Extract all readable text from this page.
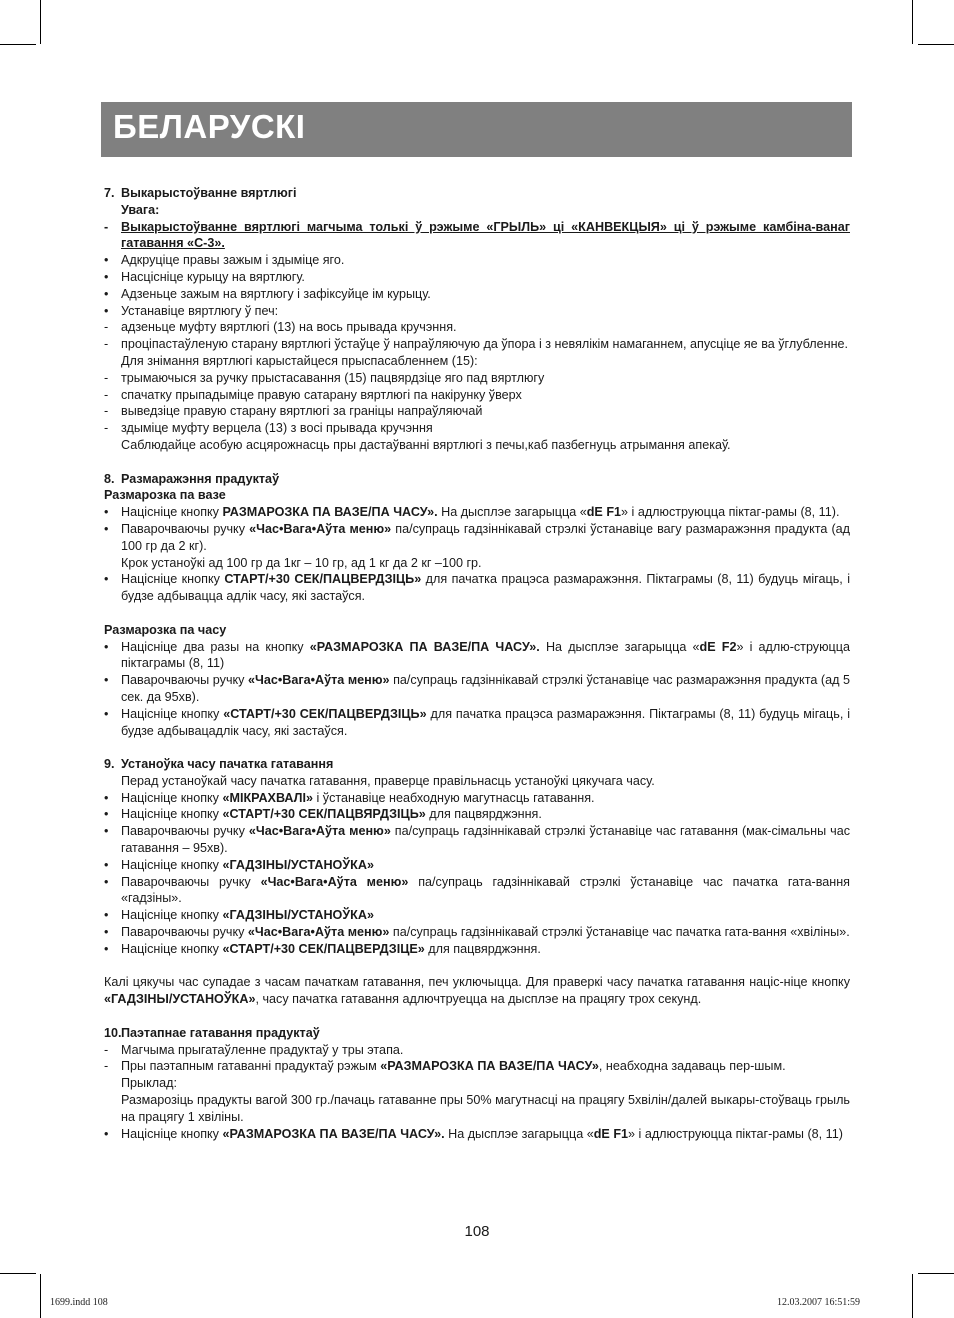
БЕЛАРУСКІ
7. Выкарыстоўванне вяртлюгі
Увага:
- Выкарыстоўванне вяртлюгі магчыма толькі ў рэжыме «ГРЫЛЬ» ці «КАНВЕКЦЫЯ» ці ў рэжыме камбіна-ванаг гатавання «С-3».
• Адкруціце правы зажым і здыміце яго.
• Насцісніце курыцу на вяртлюгу.
• Адзеньце зажым на вяртлюгу і зафіксуйце ім курыцу.
• Устанавіце вяртлюгу ў печ:
- адзеньце муфту вяртлюгі (13) на вось прывада кручэння.
- процiпастаўленую старану вяртлюгі ўстаўце ў напраўляючую да ўпора і з невялікім намаганнем, апусціце яе ва ўглубленне.
Для знімання вяртлюгі карыстайцеся прыспасабленнем (15):
- трымаючыся за ручку прыстасавання (15) пацвярдзіце яго пад вяртлюгу
- спачатку прыпадыміце правую сатарану вяртлюгі па накірунку ўверх
- выведзіце правую старану вяртлюгі за граніцы напраўляючай
- здыміце муфту верцела (13) з восі прывада кручэння
Саблюдайце асобую асцярожнасць пры дастаўванні вяртлюгі з печы,каб пазбегнуць атрымання апекаў.
8. Размаражэння прадуктаў
Размарозка па вазе
• Націсніце кнопку РАЗМАРОЗКА ПА ВАЗЕ/ПА ЧАСУ». На дысплэе загарыцца «dE F1» і адлюструюцца піктаг-рамы (8, 11).
• Паварочваючы ручку «Час•Вага•Аўта меню» па/супраць гадзіннікавай стрэлкі ўстанавіце вагу размаражэння прадукта (ад 100 гр да 2 кг).
Крок устаноўкі ад 100 гр да 1кг – 10 гр, ад 1 кг да 2 кг –100 гр.
• Націсніце кнопку СТАРТ/+30 СЕК/ПАЦВЕРДЗІЦЬ» для пачатка працэса размаражэння. Піктаграмы (8, 11) будуць мігаць, і будзе адбывацца адлік часу, які застаўся.
Размарозка па часу
• Націсніце два разы на кнопку «РАЗМАРОЗКА ПА ВАЗЕ/ПА ЧАСУ». На дысплэе загарыцца «dE F2» і адлю-струюцца піктаграмы (8, 11)
• Паварочваючы ручку «Час•Вага•Аўта меню» па/супраць гадзіннікавай стрэлкі ўстанавіце час размаражэння прадукта (ад 5 сек. да 95хв).
• Націсніце кнопку «СТАРТ/+30 СЕК/ПАЦВЕРДЗІЦЬ» для пачатка працэса размаражэння. Піктаграмы (8, 11) будуць мігаць, і будзе адбывацадлік часу, які застаўся.
9. Устаноўка часу пачатка гатавання
Перад устаноўкай часу пачатка гатавання, праверце правільнасць устаноўкі цякучага часу.
• Націсніце кнопку «МІКРАХВАЛІ» і ўстанавіце неабходную магутнасць гатавання.
• Націсніце кнопку «СТАРТ/+30 СЕК/ПАЦВЯРДЗІЦЬ» для пацвярджэння.
• Паварочваючы ручку «Час•Вага•Аўта меню» па/супраць гадзіннікавай стрэлкі ўстанавіце час гатавання (мак-сімальны час гатавання – 95хв).
• Націсніце кнопку «ГАДЗІНЫ/УСТАНОЎКА»
• Паварочваючы ручку «Час•Вага•Аўта меню» па/супраць гадзіннікавай стрэлкі ўстанавіце час пачатка гата-вання «гадзіны».
• Націсніце кнопку «ГАДЗІНЫ/УСТАНОЎКА»
• Паварочваючы ручку «Час•Вага•Аўта меню» па/супраць гадзіннікавай стрэлкі ўстанавіце час пачатка гата-вання «хвіліны».
• Націсніце кнопку «СТАРТ/+30 СЕК/ПАЦВЕРДЗІЦЕ» для пацвярджэння.
Калі цякучы час супадае з часам пачаткам гатавання, печ уключыцца. Для праверкі часу пачатка гатавання націс-ніце кнопку «ГАДЗІНЫ/УСТАНОЎКА», часу пачатка гатавання адлючтруецца на дысплэе на працягу трох секунд.
10. Паэтапнае гатавання прадуктаў
- Магчыма прыгатаўленне прадуктаў у тры этапа.
- Пры паэтапным гатаванні прадуктаў рэжым «РАЗМАРОЗКА ПА ВАЗЕ/ПА ЧАСУ», неабходна задаваць пер-шым.
Прыклад:
Размарозіць прадукты вагой 300 гр./пачаць гатаванне пры 50% магутнасці на працягу 5хвілін/далей выкары-стоўваць грыль на працягу 1 хвіліны.
• Націсніце кнопку «РАЗМАРОЗКА ПА ВАЗЕ/ПА ЧАСУ». На дысплэе загарыцца «dE F1» і адлюструюцца піктаг-рамы (8, 11)
108
1699.indd 108	12.03.2007 16:51:59
